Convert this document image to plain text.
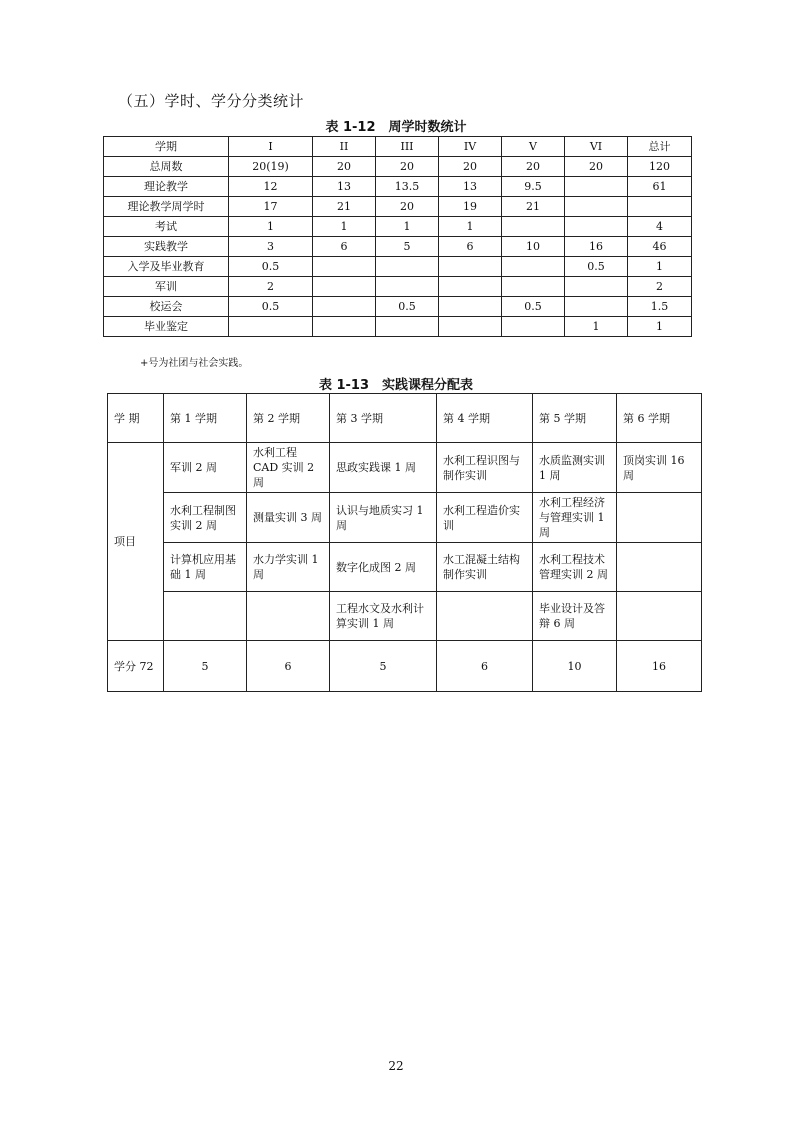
（五）学时、学分分类统计
表 1-12　周学时数统计
学期	I	II	III	IV	V	VI	总计
总周数	20(19)	20	20	20	20	20	120
理论教学	12	13	13.5	13	9.5		61
理论教学周学时	17	21	20	19	21		
考试	1	1	1	1			4
实践教学	3	6	5	6	10	16	46
入学及毕业教育	0.5					0.5	1
军训	2						2
校运会	0.5		0.5		0.5		1.5
毕业鉴定						1	1
+号为社团与社会实践。
表 1-13　实践课程分配表
学 期	第 1 学期	第 2 学期	第 3 学期	第 4 学期	第 5 学期	第 6 学期
项目	军训 2 周	水利工程 CAD 实训 2 周	思政实践课 1 周	水利工程识图与制作实训	水质监测实训 1 周	顶岗实训 16 周
	水利工程制图实训 2 周	测量实训 3 周	认识与地质实习 1 周	水利工程造价实训	水利工程经济与管理实训 1 周	
	计算机应用基础 1 周	水力学实训 1 周	数字化成图 2 周	水工混凝土结构制作实训	水利工程技术管理实训 2 周	
			工程水文及水利计算实训 1 周		毕业设计及答辩 6 周	
学分 72	5	6	5	6	10	16
22
